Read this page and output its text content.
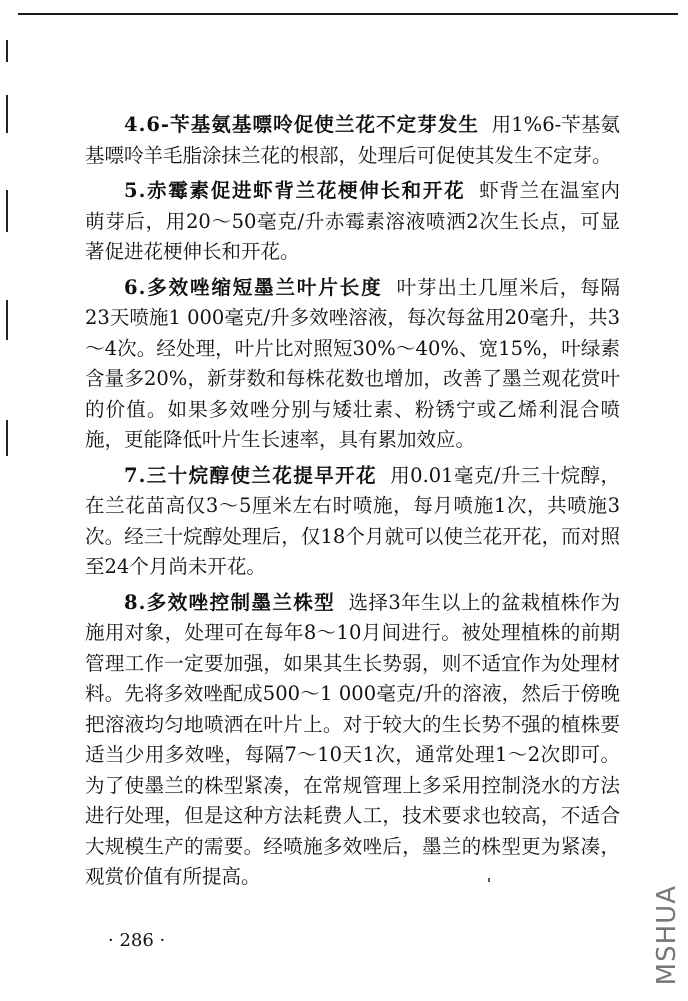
4.6-苄基氨基嘌呤促使兰花不定芽发生 用1%6-苄基氨基嘌呤羊毛脂涂抹兰花的根部，处理后可促使其发生不定芽。

5.赤霉素促进虾背兰花梗伸长和开花 虾背兰在温室内萌芽后，用20～50毫克/升赤霉素溶液喷洒2次生长点，可显著促进花梗伸长和开花。

6.多效唑缩短墨兰叶片长度 叶芽出土几厘米后，每隔23天喷施1 000毫克/升多效唑溶液，每次每盆用20毫升，共3～4次。经处理，叶片比对照短30%～40%、宽15%，叶绿素含量多20%，新芽数和每株花数也增加，改善了墨兰观花赏叶的价值。如果多效唑分别与矮壮素、粉锈宁或乙烯利混合喷施，更能降低叶片生长速率，具有累加效应。

7.三十烷醇使兰花提早开花 用0.01毫克/升三十烷醇，在兰花苗高仅3～5厘米左右时喷施，每月喷施1次，共喷施3次。经三十烷醇处理后，仅18个月就可以使兰花开花，而对照至24个月尚未开花。

8.多效唑控制墨兰株型 选择3年生以上的盆栽植株作为施用对象，处理可在每年8～10月间进行。被处理植株的前期管理工作一定要加强，如果其生长势弱，则不适宜作为处理材料。先将多效唑配成500～1 000毫克/升的溶液，然后于傍晚把溶液均匀地喷洒在叶片上。对于较大的生长势不强的植株要适当少用多效唑，每隔7～10天1次，通常处理1～2次即可。为了使墨兰的株型紧凑，在常规管理上多采用控制浇水的方法进行处理，但是这种方法耗费人工，技术要求也较高，不适合大规模生产的需要。经喷施多效唑后，墨兰的株型更为紧凑，观赏价值有所提高。

· 286 ·	MSHUA
